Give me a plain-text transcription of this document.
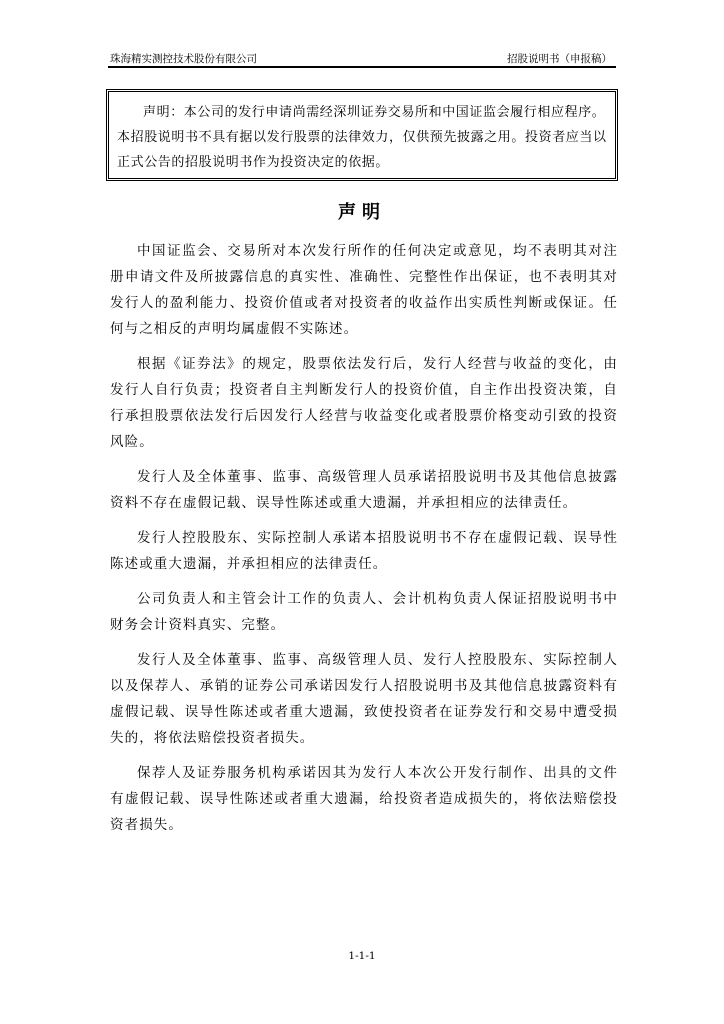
珠海精实测控技术股份有限公司	招股说明书（申报稿）

声明：本公司的发行申请尚需经深圳证券交易所和中国证监会履行相应程序。本招股说明书不具有据以发行股票的法律效力，仅供预先披露之用。投资者应当以正式公告的招股说明书作为投资决定的依据。

声明

中国证监会、交易所对本次发行所作的任何决定或意见，均不表明其对注册申请文件及所披露信息的真实性、准确性、完整性作出保证，也不表明其对发行人的盈利能力、投资价值或者对投资者的收益作出实质性判断或保证。任何与之相反的声明均属虚假不实陈述。

根据《证券法》的规定，股票依法发行后，发行人经营与收益的变化，由发行人自行负责；投资者自主判断发行人的投资价值，自主作出投资决策，自行承担股票依法发行后因发行人经营与收益变化或者股票价格变动引致的投资风险。

发行人及全体董事、监事、高级管理人员承诺招股说明书及其他信息披露资料不存在虚假记载、误导性陈述或重大遗漏，并承担相应的法律责任。

发行人控股股东、实际控制人承诺本招股说明书不存在虚假记载、误导性陈述或重大遗漏，并承担相应的法律责任。

公司负责人和主管会计工作的负责人、会计机构负责人保证招股说明书中财务会计资料真实、完整。

发行人及全体董事、监事、高级管理人员、发行人控股股东、实际控制人以及保荐人、承销的证券公司承诺因发行人招股说明书及其他信息披露资料有虚假记载、误导性陈述或者重大遗漏，致使投资者在证券发行和交易中遭受损失的，将依法赔偿投资者损失。

保荐人及证券服务机构承诺因其为发行人本次公开发行制作、出具的文件有虚假记载、误导性陈述或者重大遗漏，给投资者造成损失的，将依法赔偿投资者损失。

1-1-1
